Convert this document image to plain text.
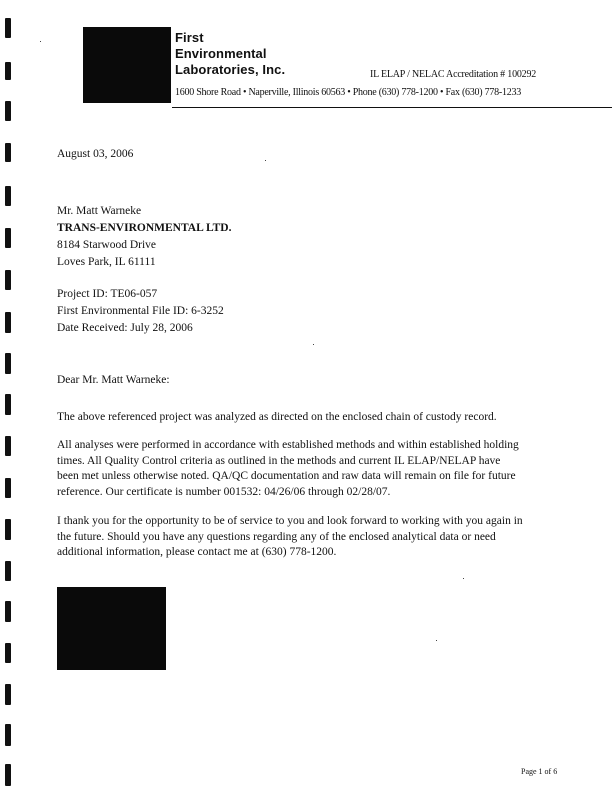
First
Environmental
Laboratories, Inc.	IL ELAP / NELAC Accreditation # 100292
1600 Shore Road • Naperville, Illinois 60563 • Phone (630) 778-1200 • Fax (630) 778-1233
August 03, 2006
Mr. Matt Warneke
TRANS-ENVIRONMENTAL LTD.
8184 Starwood Drive
Loves Park, IL 61111
Project ID: TE06-057
First Environmental File ID: 6-3252
Date Received: July 28, 2006
Dear Mr. Matt Warneke:
The above referenced project was analyzed as directed on the enclosed chain of custody record.
All analyses were performed in accordance with established methods and within established holding
times. All Quality Control criteria as outlined in the methods and current IL ELAP/NELAP have
been met unless otherwise noted. QA/QC documentation and raw data will remain on file for future
reference. Our certificate is number 001532: 04/26/06 through 02/28/07.
I thank you for the opportunity to be of service to you and look forward to working with you again in
the future. Should you have any questions regarding any of the enclosed analytical data or need
additional information, please contact me at (630) 778-1200.
Page 1 of 6
